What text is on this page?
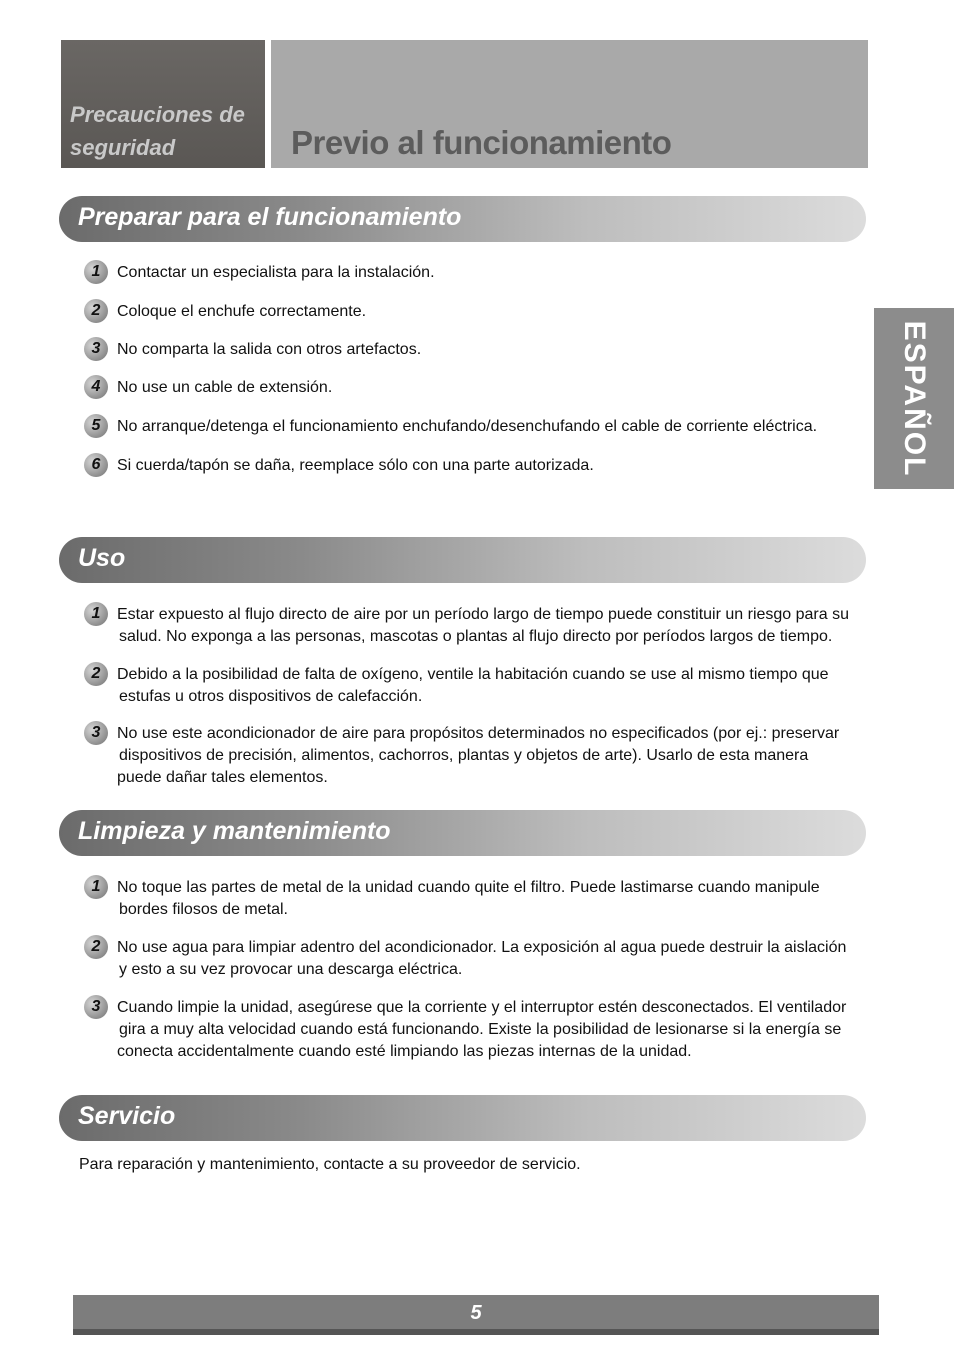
Precauciones de
seguridad	Previo al funcionamiento
ESPAÑOL
Preparar para el funcionamiento
1	Contactar un especialista para la instalación.
2	Coloque el enchufe correctamente.
3	No comparta la salida con otros artefactos.
4	No use un cable de extensión.
5	No arranque/detenga el funcionamiento enchufando/desenchufando el cable de corriente eléctrica.
6	Si cuerda/tapón se daña, reemplace sólo con una parte autorizada.
Uso
1	Estar expuesto al flujo directo de aire por un período largo de tiempo puede constituir un riesgo para su
salud. No exponga a las personas, mascotas o plantas al flujo directo por períodos largos de tiempo.
2	Debido a la posibilidad de falta de oxígeno, ventile la habitación cuando se use al mismo tiempo que
estufas u otros dispositivos de calefacción.
3	No use este acondicionador de aire para propósitos determinados no especificados (por ej.: preservar
dispositivos de precisión, alimentos, cachorros, plantas y objetos de arte). Usarlo de esta manera
puede dañar tales elementos.
Limpieza y mantenimiento
1	No toque las partes de metal de la unidad cuando quite el filtro. Puede lastimarse cuando manipule
bordes filosos de metal.
2	No use agua para limpiar adentro del acondicionador. La exposición al agua puede destruir la aislación
y esto a su vez provocar una descarga eléctrica.
3	Cuando limpie la unidad, asegúrese que la corriente y el interruptor estén desconectados. El ventilador
gira a muy alta velocidad cuando está funcionando. Existe la posibilidad de lesionarse si la energía se
conecta accidentalmente cuando esté limpiando las piezas internas de la unidad.
Servicio
Para reparación y mantenimiento, contacte a su proveedor de servicio.
5
